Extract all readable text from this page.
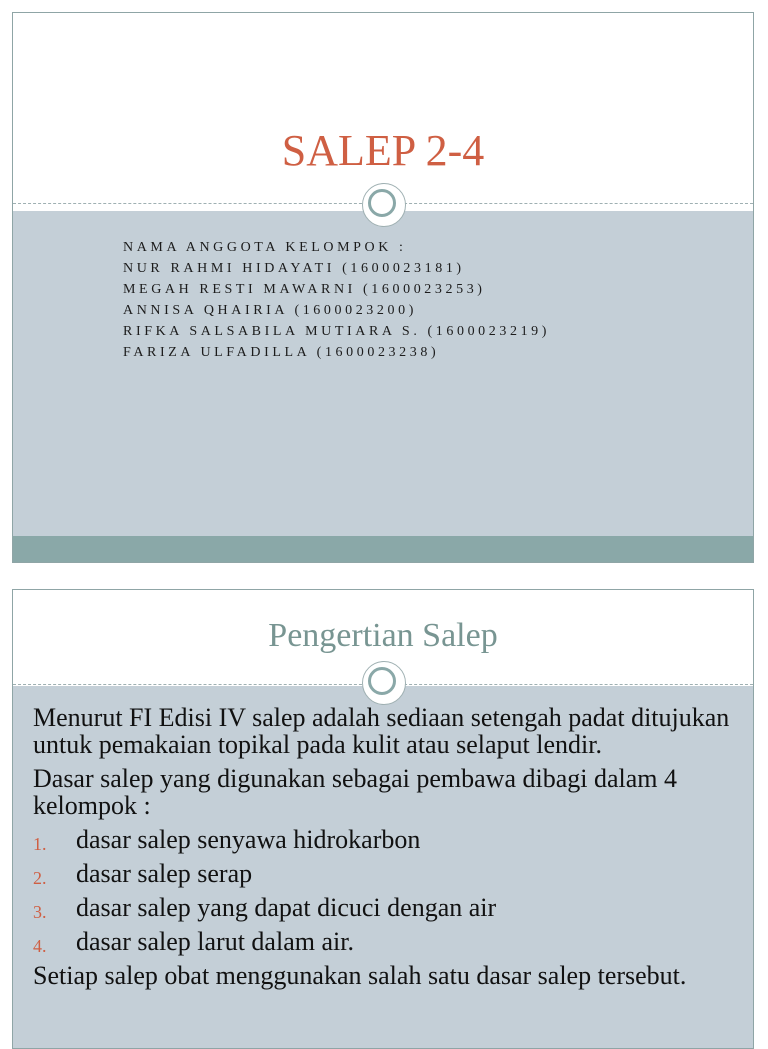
SALEP 2-4
NAMA ANGGOTA KELOMPOK :
NUR RAHMI HIDAYATI (1600023181)
MEGAH RESTI MAWARNI (1600023253)
ANNISA QHAIRIA (1600023200)
RIFKA SALSABILA MUTIARA S. (1600023219)
FARIZA ULFADILLA (1600023238)
Pengertian Salep

Menurut FI Edisi IV salep adalah sediaan setengah padat ditujukan untuk pemakaian topikal pada kulit atau selaput lendir.

Dasar salep yang digunakan sebagai pembawa dibagi dalam 4 kelompok :

1. dasar salep senyawa hidrokarbon
2. dasar salep serap
3. dasar salep yang dapat dicuci dengan air
4. dasar salep larut dalam air.

Setiap salep obat menggunakan salah satu dasar salep tersebut.
